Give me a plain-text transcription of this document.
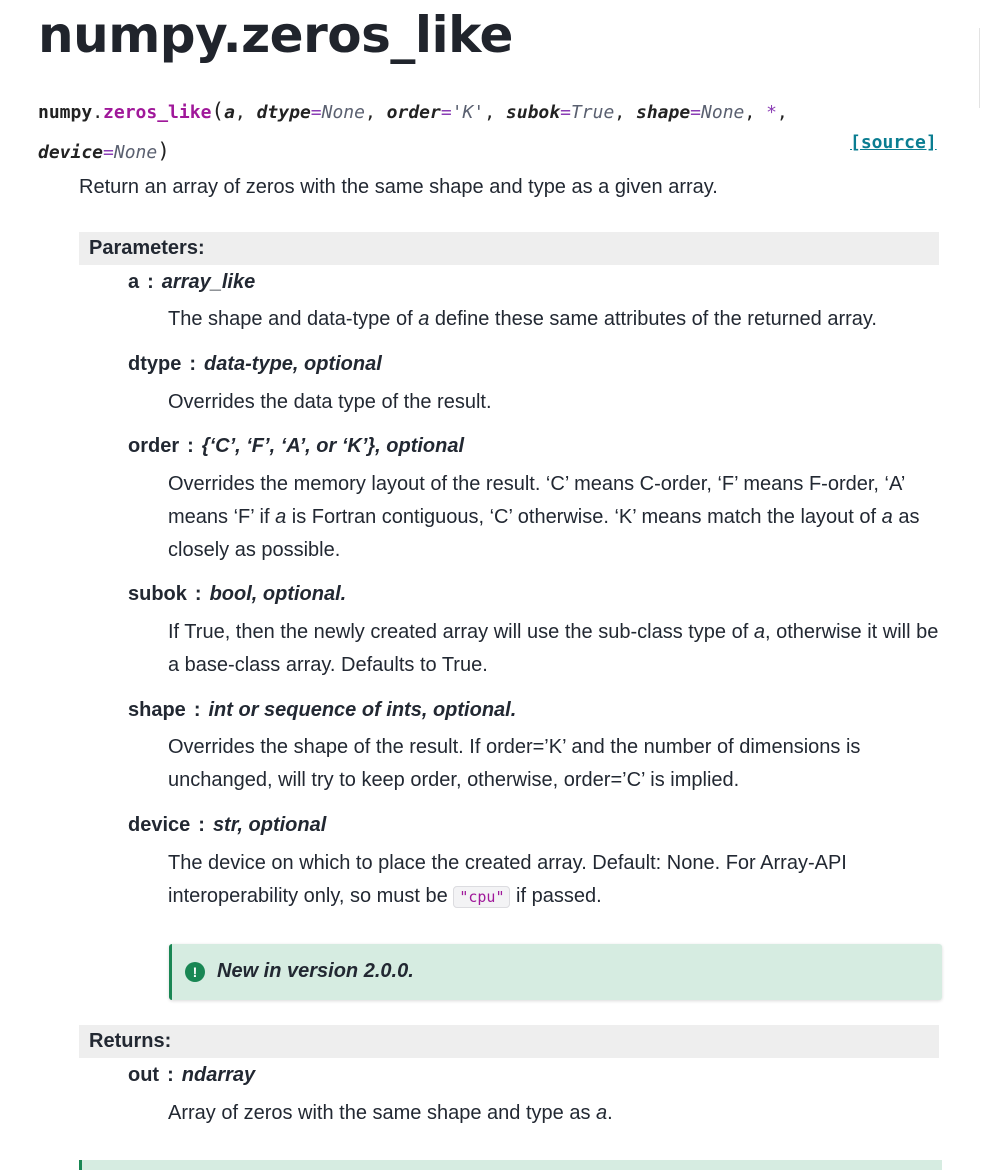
numpy.zeros_like
numpy.zeros_like(a, dtype=None, order='K', subok=True, shape=None, *,
device=None)	[source]
Return an array of zeros with the same shape and type as a given array.
Parameters:
a : array_like
The shape and data-type of a define these same attributes of the returned array.
dtype : data-type, optional
Overrides the data type of the result.
order : {‘C’, ‘F’, ‘A’, or ‘K’}, optional
Overrides the memory layout of the result. ‘C’ means C-order, ‘F’ means F-order, ‘A’ means ‘F’ if a is Fortran contiguous, ‘C’ otherwise. ‘K’ means match the layout of a as closely as possible.
subok : bool, optional.
If True, then the newly created array will use the sub-class type of a, otherwise it will be a base-class array. Defaults to True.
shape : int or sequence of ints, optional.
Overrides the shape of the result. If order=’K’ and the number of dimensions is unchanged, will try to keep order, otherwise, order=’C’ is implied.
device : str, optional
The device on which to place the created array. Default: None. For Array-API interoperability only, so must be "cpu" if passed.
! New in version 2.0.0.
Returns:
out : ndarray
Array of zeros with the same shape and type as a.
